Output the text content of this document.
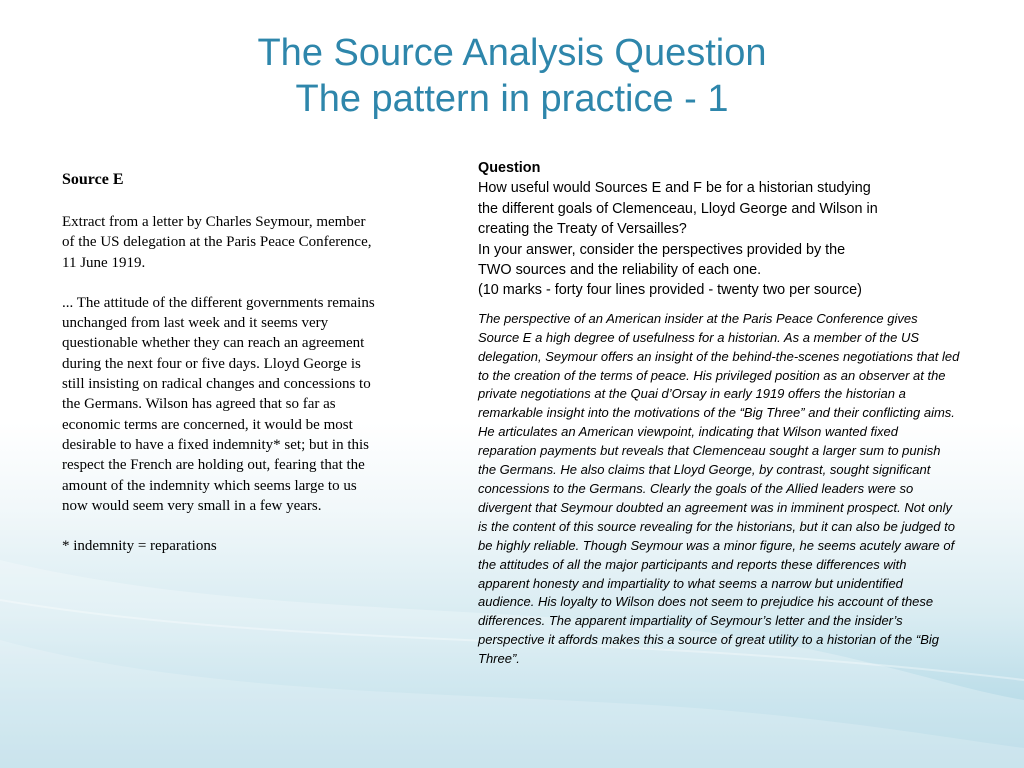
The Source Analysis Question
The pattern in practice - 1
Source E

Extract from a letter by Charles Seymour, member of the US delegation at the Paris Peace Conference, 11 June 1919.

... The attitude of the different governments remains unchanged from last week and it seems very questionable whether they can reach an agreement during the next four or five days. Lloyd George is still insisting on radical changes and concessions to the Germans. Wilson has agreed that so far as economic terms are concerned, it would be most desirable to have a fixed indemnity* set; but in this respect the French are holding out, fearing that the amount of the indemnity which seems large to us now would seem very small in a few years.

* indemnity = reparations

Question
How useful would Sources E and F be for a historian studying
the different goals of Clemenceau, Lloyd George and Wilson in
creating the Treaty of Versailles?
In your answer, consider the perspectives provided by the
TWO sources and the reliability of each one.
(10 marks - forty four lines provided - twenty two per source)
The perspective of an American insider at the Paris Peace Conference gives Source E a high degree of usefulness for a historian. As a member of the US delegation, Seymour offers an insight of the behind-the-scenes negotiations that led to the creation of the terms of peace. His privileged position as an observer at the private negotiations at the Quai d’Orsay in early 1919 offers the historian a remarkable insight into the motivations of the “Big Three” and their conflicting aims. He articulates an American viewpoint, indicating that Wilson wanted fixed reparation payments but reveals that Clemenceau sought a larger sum to punish the Germans. He also claims that Lloyd George, by contrast, sought significant concessions to the Germans. Clearly the goals of the Allied leaders were so divergent that Seymour doubted an agreement was in imminent prospect. Not only is the content of this source revealing for the historians, but it can also be judged to be highly reliable. Though Seymour was a minor figure, he seems acutely aware of the attitudes of all the major participants and reports these differences with apparent honesty and impartiality to what seems a narrow but unidentified audience. His loyalty to Wilson does not seem to prejudice his account of these differences. The apparent impartiality of Seymour’s letter and the insider’s perspective it affords makes this a source of great utility to a historian of the “Big Three”.
